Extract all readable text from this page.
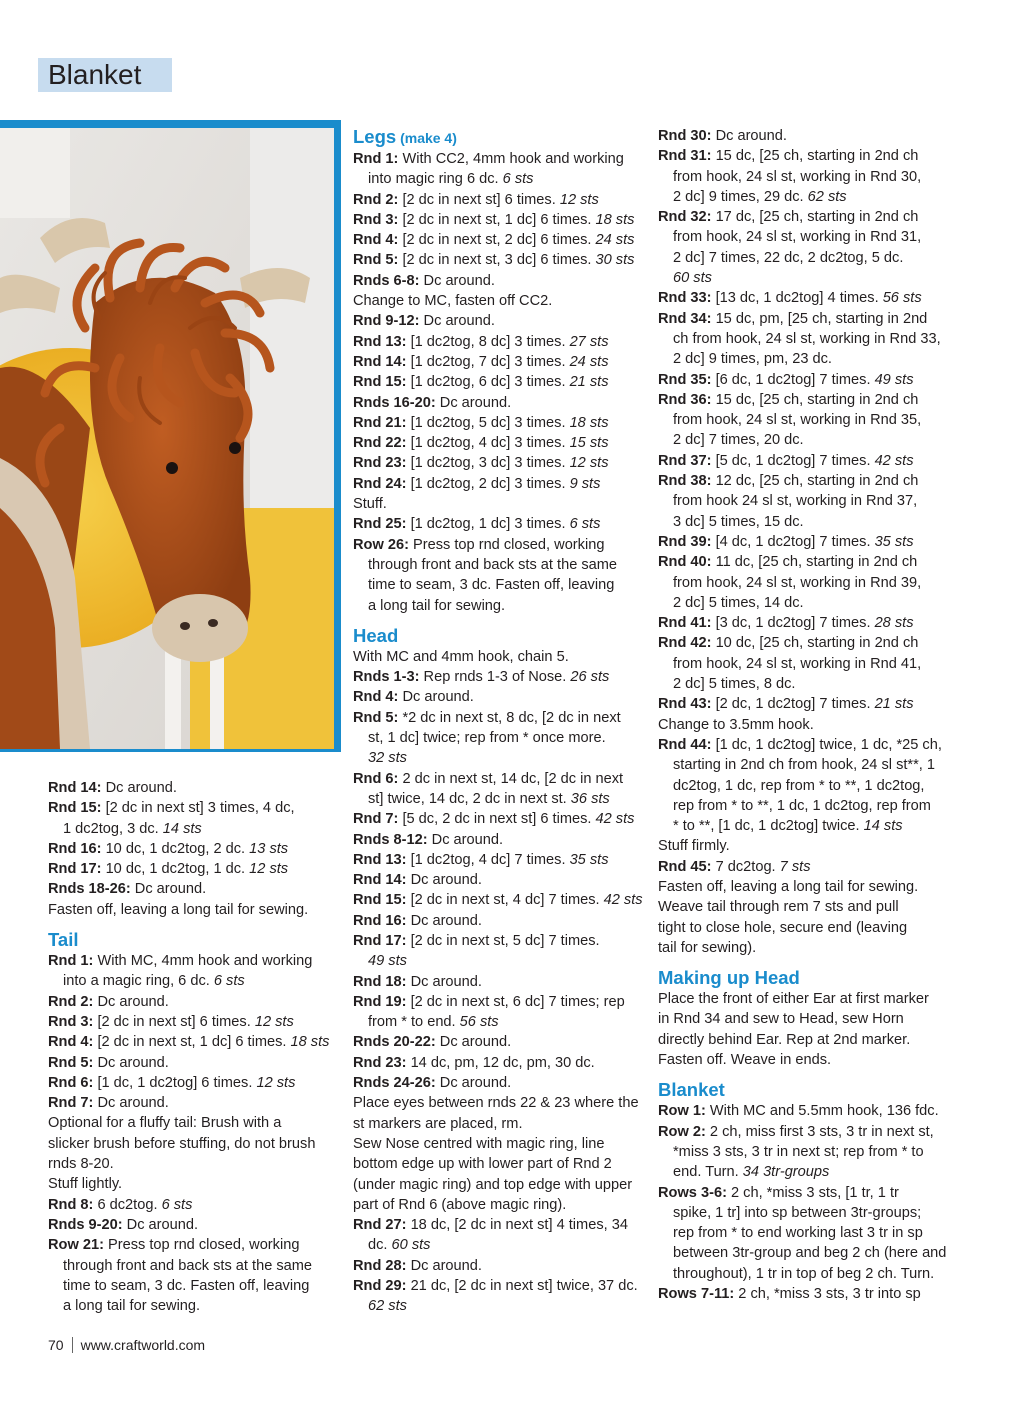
Blanket
Rnd 14: Dc around.
Rnd 15: [2 dc in next st] 3 times, 4 dc,
1 dc2tog, 3 dc. 14 sts
Rnd 16: 10 dc, 1 dc2tog, 2 dc. 13 sts
Rnd 17: 10 dc, 1 dc2tog, 1 dc. 12 sts
Rnds 18-26: Dc around.
Fasten off, leaving a long tail for sewing.
Tail
Rnd 1: With MC, 4mm hook and working
into a magic ring, 6 dc. 6 sts
Rnd 2: Dc around.
Rnd 3: [2 dc in next st] 6 times. 12 sts
Rnd 4: [2 dc in next st, 1 dc] 6 times. 18 sts
Rnd 5: Dc around.
Rnd 6: [1 dc, 1 dc2tog] 6 times. 12 sts
Rnd 7: Dc around.
Optional for a fluffy tail: Brush with a
slicker brush before stuffing, do not brush
rnds 8-20.
Stuff lightly.
Rnd 8: 6 dc2tog. 6 sts
Rnds 9-20: Dc around.
Row 21: Press top rnd closed, working
through front and back sts at the same
time to seam, 3 dc. Fasten off, leaving
a long tail for sewing.
Legs (make 4)
Rnd 1: With CC2, 4mm hook and working
into magic ring 6 dc. 6 sts
Rnd 2: [2 dc in next st] 6 times. 12 sts
Rnd 3: [2 dc in next st, 1 dc] 6 times. 18 sts
Rnd 4: [2 dc in next st, 2 dc] 6 times. 24 sts
Rnd 5: [2 dc in next st, 3 dc] 6 times. 30 sts
Rnds 6-8: Dc around.
Change to MC, fasten off CC2.
Rnd 9-12: Dc around.
Rnd 13: [1 dc2tog, 8 dc] 3 times. 27 sts
Rnd 14: [1 dc2tog, 7 dc] 3 times. 24 sts
Rnd 15: [1 dc2tog, 6 dc] 3 times. 21 sts
Rnds 16-20: Dc around.
Rnd 21: [1 dc2tog, 5 dc] 3 times. 18 sts
Rnd 22: [1 dc2tog, 4 dc] 3 times. 15 sts
Rnd 23: [1 dc2tog, 3 dc] 3 times. 12 sts
Rnd 24: [1 dc2tog, 2 dc] 3 times. 9 sts
Stuff.
Rnd 25: [1 dc2tog, 1 dc] 3 times. 6 sts
Row 26: Press top rnd closed, working
through front and back sts at the same
time to seam, 3 dc. Fasten off, leaving
a long tail for sewing.
Head
With MC and 4mm hook, chain 5.
Rnds 1-3: Rep rnds 1-3 of Nose. 26 sts
Rnd 4: Dc around.
Rnd 5: *2 dc in next st, 8 dc, [2 dc in next
st, 1 dc] twice; rep from * once more.
32 sts
Rnd 6: 2 dc in next st, 14 dc, [2 dc in next
st] twice, 14 dc, 2 dc in next st. 36 sts
Rnd 7: [5 dc, 2 dc in next st] 6 times. 42 sts
Rnds 8-12: Dc around.
Rnd 13: [1 dc2tog, 4 dc] 7 times. 35 sts
Rnd 14: Dc around.
Rnd 15: [2 dc in next st, 4 dc] 7 times. 42 sts
Rnd 16: Dc around.
Rnd 17: [2 dc in next st, 5 dc] 7 times.
49 sts
Rnd 18: Dc around.
Rnd 19: [2 dc in next st, 6 dc] 7 times; rep
from * to end. 56 sts
Rnds 20-22: Dc around.
Rnd 23: 14 dc, pm, 12 dc, pm, 30 dc.
Rnds 24-26: Dc around.
Place eyes between rnds 22 & 23 where the
st markers are placed, rm.
Sew Nose centred with magic ring, line
bottom edge up with lower part of Rnd 2
(under magic ring) and top edge with upper
part of Rnd 6 (above magic ring).
Rnd 27: 18 dc, [2 dc in next st] 4 times, 34
dc. 60 sts
Rnd 28: Dc around.
Rnd 29: 21 dc, [2 dc in next st] twice, 37 dc.
62 sts
Rnd 30: Dc around.
Rnd 31: 15 dc, [25 ch, starting in 2nd ch
from hook, 24 sl st, working in Rnd 30,
2 dc] 9 times, 29 dc. 62 sts
Rnd 32: 17 dc, [25 ch, starting in 2nd ch
from hook, 24 sl st, working in Rnd 31,
2 dc] 7 times, 22 dc, 2 dc2tog, 5 dc.
60 sts
Rnd 33: [13 dc, 1 dc2tog] 4 times. 56 sts
Rnd 34: 15 dc, pm, [25 ch, starting in 2nd
ch from hook, 24 sl st, working in Rnd 33,
2 dc] 9 times, pm, 23 dc.
Rnd 35: [6 dc, 1 dc2tog] 7 times. 49 sts
Rnd 36: 15 dc, [25 ch, starting in 2nd ch
from hook, 24 sl st, working in Rnd 35,
2 dc] 7 times, 20 dc.
Rnd 37: [5 dc, 1 dc2tog] 7 times. 42 sts
Rnd 38: 12 dc, [25 ch, starting in 2nd ch
from hook 24 sl st, working in Rnd 37,
3 dc] 5 times, 15 dc.
Rnd 39: [4 dc, 1 dc2tog] 7 times. 35 sts
Rnd 40: 11 dc, [25 ch, starting in 2nd ch
from hook, 24 sl st, working in Rnd 39,
2 dc] 5 times, 14 dc.
Rnd 41: [3 dc, 1 dc2tog] 7 times. 28 sts
Rnd 42: 10 dc, [25 ch, starting in 2nd ch
from hook, 24 sl st, working in Rnd 41,
2 dc] 5 times, 8 dc.
Rnd 43: [2 dc, 1 dc2tog] 7 times. 21 sts
Change to 3.5mm hook.
Rnd 44: [1 dc, 1 dc2tog] twice, 1 dc, *25 ch,
starting in 2nd ch from hook, 24 sl st**, 1
dc2tog, 1 dc, rep from * to **, 1 dc2tog,
rep from * to **, 1 dc, 1 dc2tog, rep from
* to **, [1 dc, 1 dc2tog] twice. 14 sts
Stuff firmly.
Rnd 45: 7 dc2tog. 7 sts
Fasten off, leaving a long tail for sewing.
Weave tail through rem 7 sts and pull
tight to close hole, secure end (leaving
tail for sewing).
Making up Head
Place the front of either Ear at first marker
in Rnd 34 and sew to Head, sew Horn
directly behind Ear. Rep at 2nd marker.
Fasten off. Weave in ends.
Blanket
Row 1: With MC and 5.5mm hook, 136 fdc.
Row 2: 2 ch, miss first 3 sts, 3 tr in next st,
*miss 3 sts, 3 tr in next st; rep from * to
end. Turn. 34 3tr-groups
Rows 3-6: 2 ch, *miss 3 sts, [1 tr, 1 tr
spike, 1 tr] into sp between 3tr-groups;
rep from * to end working last 3 tr in sp
between 3tr-group and beg 2 ch (here and
throughout), 1 tr in top of beg 2 ch. Turn.
Rows 7-11: 2 ch, *miss 3 sts, 3 tr into sp
70 www.craftworld.com
